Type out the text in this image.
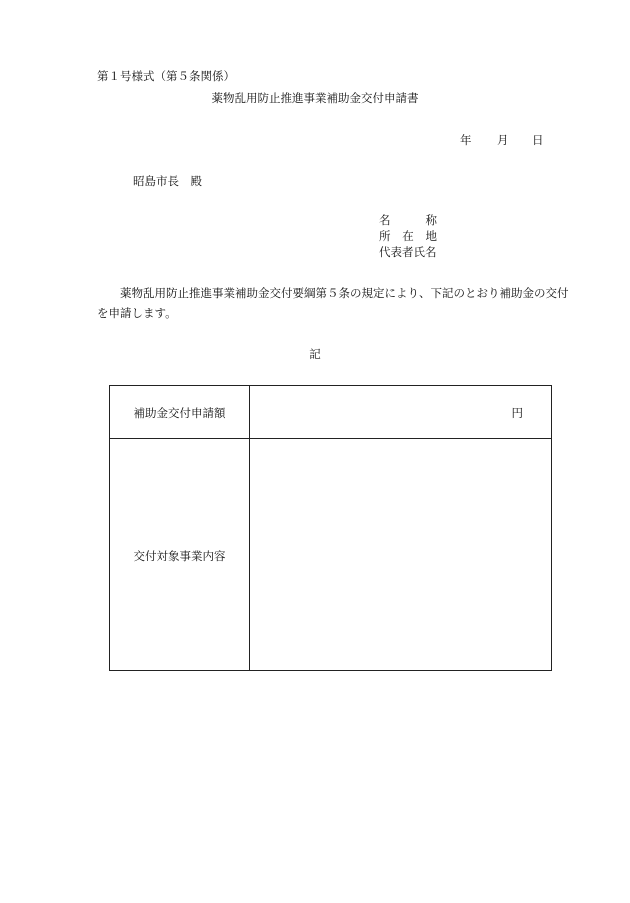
第１号様式（第５条関係）
薬物乱用防止推進事業補助金交付申請書
年 月 日
昭島市長　殿
名	称
所 在 地
代表者氏名
薬物乱用防止推進事業補助金交付要綱第５条の規定により、下記のとおり補助金の交付を申請します。
記
補助金交付申請額	円
交付対象事業内容
